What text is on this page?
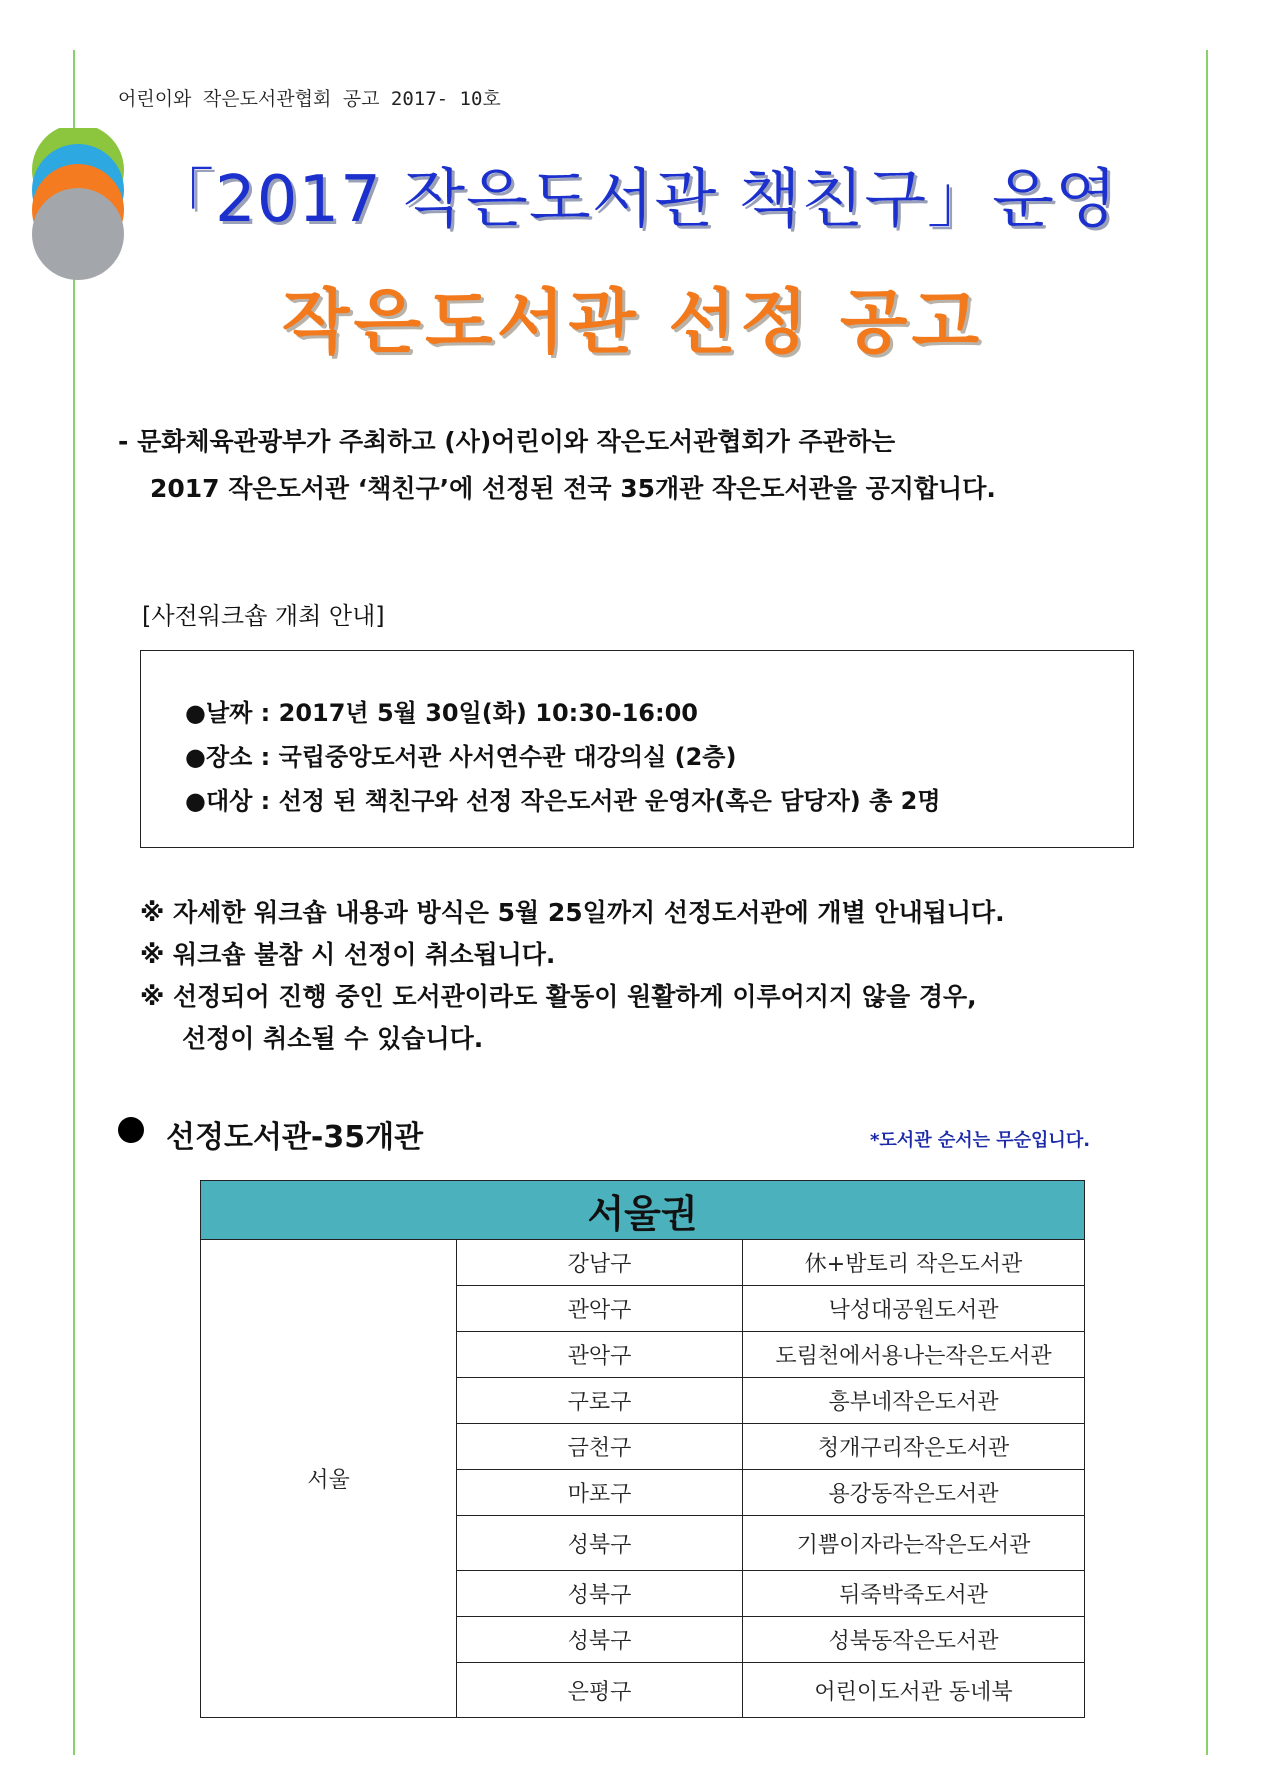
어린이와 작은도서관협회 공고 2017- 10호
「2017 작은도서관 책친구」운영
작은도서관 선정 공고
- 문화체육관광부가 주최하고 (사)어린이와 작은도서관협회가 주관하는
2017 작은도서관 ‘책친구’에 선정된 전국 35개관 작은도서관을 공지합니다.
[사전워크숍 개최 안내]
●날짜 : 2017년 5월 30일(화) 10:30-16:00
●장소 : 국립중앙도서관 사서연수관 대강의실 (2층)
●대상 : 선정 된 책친구와 선정 작은도서관 운영자(혹은 담당자) 총 2명
※ 자세한 워크숍 내용과 방식은 5월 25일까지 선정도서관에 개별 안내됩니다.
※ 워크숍 불참 시 선정이 취소됩니다.
※ 선정되어 진행 중인 도서관이라도 활동이 원활하게 이루어지지 않을 경우,
선정이 취소될 수 있습니다.
선정도서관-35개관	*도서관 순서는 무순입니다.
서울권		
서울	강남구	休+밤토리 작은도서관
	관악구	낙성대공원도서관
	관악구	도림천에서용나는작은도서관
	구로구	흥부네작은도서관
	금천구	청개구리작은도서관
	마포구	용강동작은도서관
	성북구	기쁨이자라는작은도서관
	성북구	뒤죽박죽도서관
	성북구	성북동작은도서관
	은평구	어린이도서관 동네북
